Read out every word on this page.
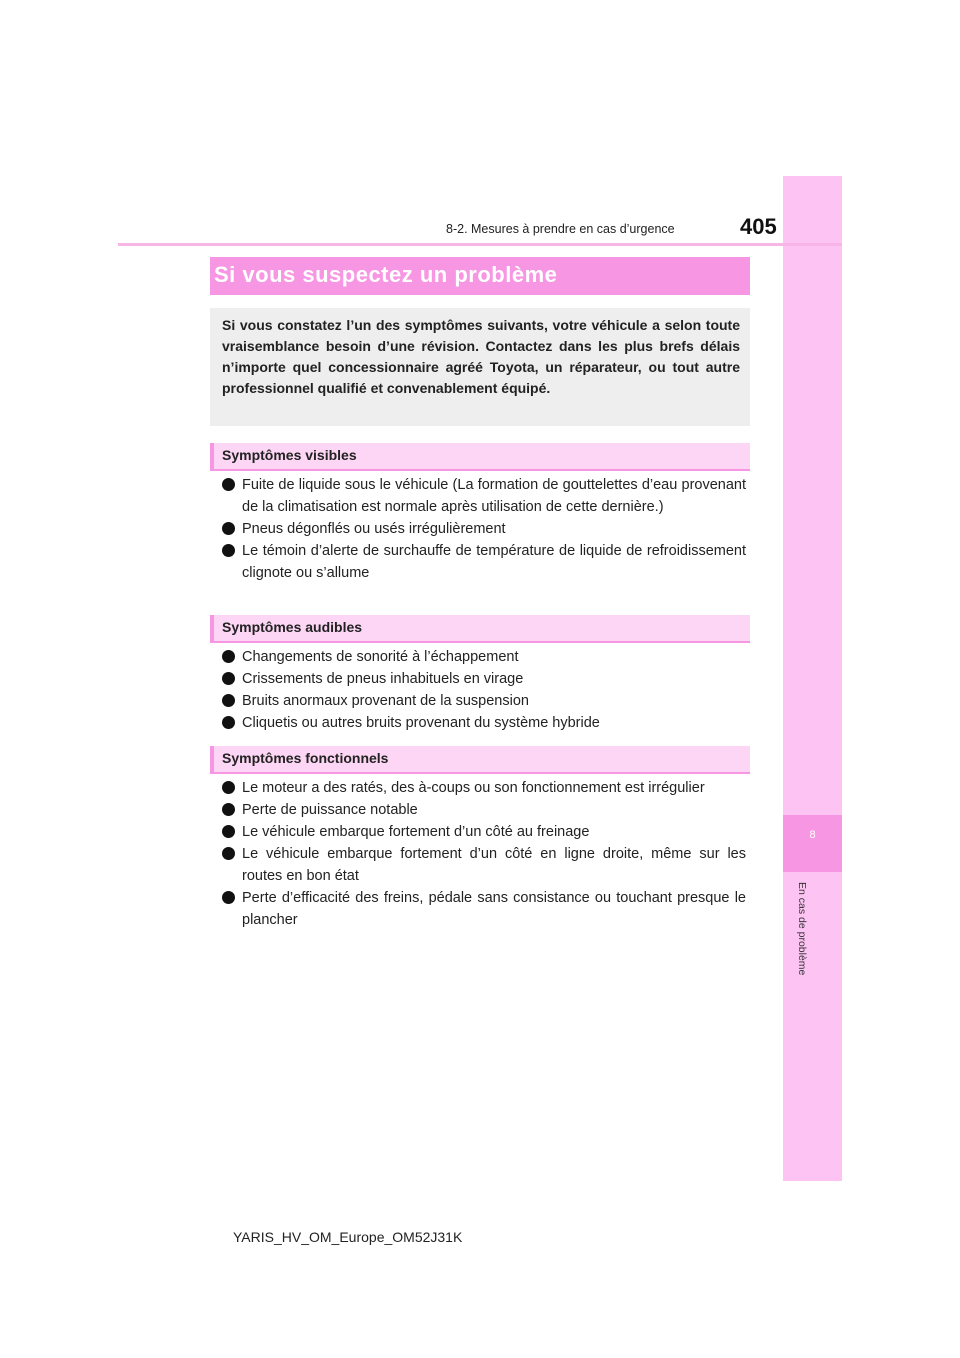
8
En cas de problème
8-2. Mesures à prendre en cas d’urgence	405
Si vous suspectez un problème
Si vous constatez l’un des symptômes suivants, votre véhicule a selon toute vraisemblance besoin d’une révision. Contactez dans les plus brefs délais n’importe quel concessionnaire agréé Toyota, un réparateur, ou tout autre professionnel qualifié et convenablement équipé.
Symptômes visibles
Fuite de liquide sous le véhicule (La formation de gouttelettes d’eau provenant de la climatisation est normale après utilisation de cette dernière.)
Pneus dégonflés ou usés irrégulièrement
Le témoin d’alerte de surchauffe de température de liquide de refroidissement clignote ou s’allume
Symptômes audibles
Changements de sonorité à l’échappement
Crissements de pneus inhabituels en virage
Bruits anormaux provenant de la suspension
Cliquetis ou autres bruits provenant du système hybride
Symptômes fonctionnels
Le moteur a des ratés, des à-coups ou son fonctionnement est irrégulier
Perte de puissance notable
Le véhicule embarque fortement d’un côté au freinage
Le véhicule embarque fortement d’un côté en ligne droite, même sur les routes en bon état
Perte d’efficacité des freins, pédale sans consistance ou touchant presque le plancher
YARIS_HV_OM_Europe_OM52J31K
